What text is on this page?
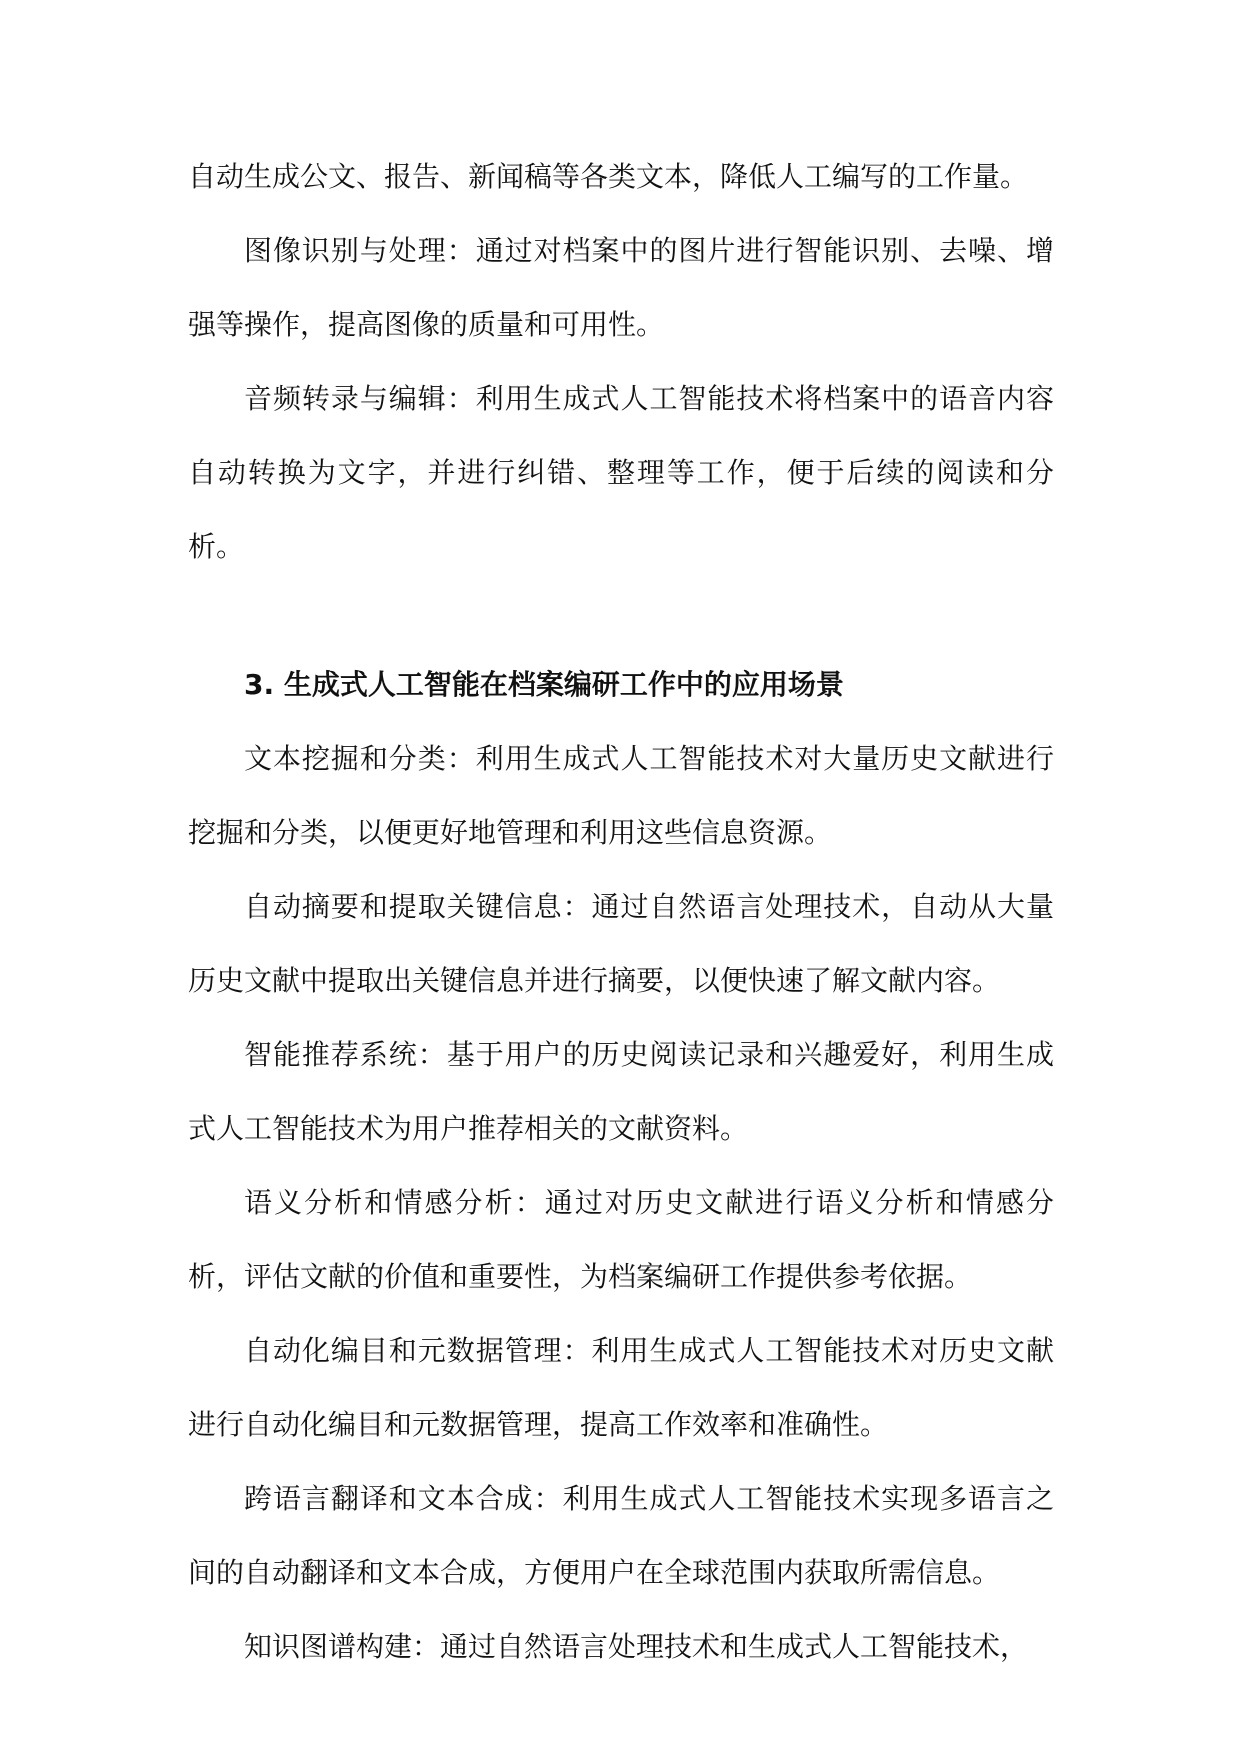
自动生成公文、报告、新闻稿等各类文本，降低人工编写的工作量。

图像识别与处理：通过对档案中的图片进行智能识别、去噪、增强等操作，提高图像的质量和可用性。

音频转录与编辑：利用生成式人工智能技术将档案中的语音内容自动转换为文字，并进行纠错、整理等工作，便于后续的阅读和分析。

3. 生成式人工智能在档案编研工作中的应用场景

文本挖掘和分类：利用生成式人工智能技术对大量历史文献进行挖掘和分类，以便更好地管理和利用这些信息资源。

自动摘要和提取关键信息：通过自然语言处理技术，自动从大量历史文献中提取出关键信息并进行摘要，以便快速了解文献内容。

智能推荐系统：基于用户的历史阅读记录和兴趣爱好，利用生成式人工智能技术为用户推荐相关的文献资料。

语义分析和情感分析：通过对历史文献进行语义分析和情感分析，评估文献的价值和重要性，为档案编研工作提供参考依据。

自动化编目和元数据管理：利用生成式人工智能技术对历史文献进行自动化编目和元数据管理，提高工作效率和准确性。

跨语言翻译和文本合成：利用生成式人工智能技术实现多语言之间的自动翻译和文本合成，方便用户在全球范围内获取所需信息。

知识图谱构建：通过自然语言处理技术和生成式人工智能技术，
